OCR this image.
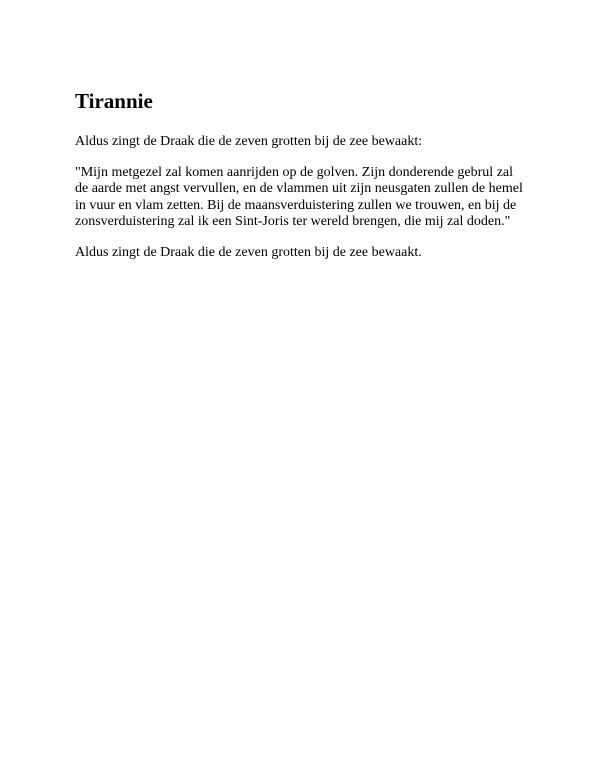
Tirannie

Aldus zingt de Draak die de zeven grotten bij de zee bewaakt:

"Mijn metgezel zal komen aanrijden op de golven. Zijn donderende gebrul zal de aarde met angst vervullen, en de vlammen uit zijn neusgaten zullen de hemel in vuur en vlam zetten. Bij de maansverduistering zullen we trouwen, en bij de zonsverduistering zal ik een Sint-Joris ter wereld brengen, die mij zal doden."

Aldus zingt de Draak die de zeven grotten bij de zee bewaakt.
